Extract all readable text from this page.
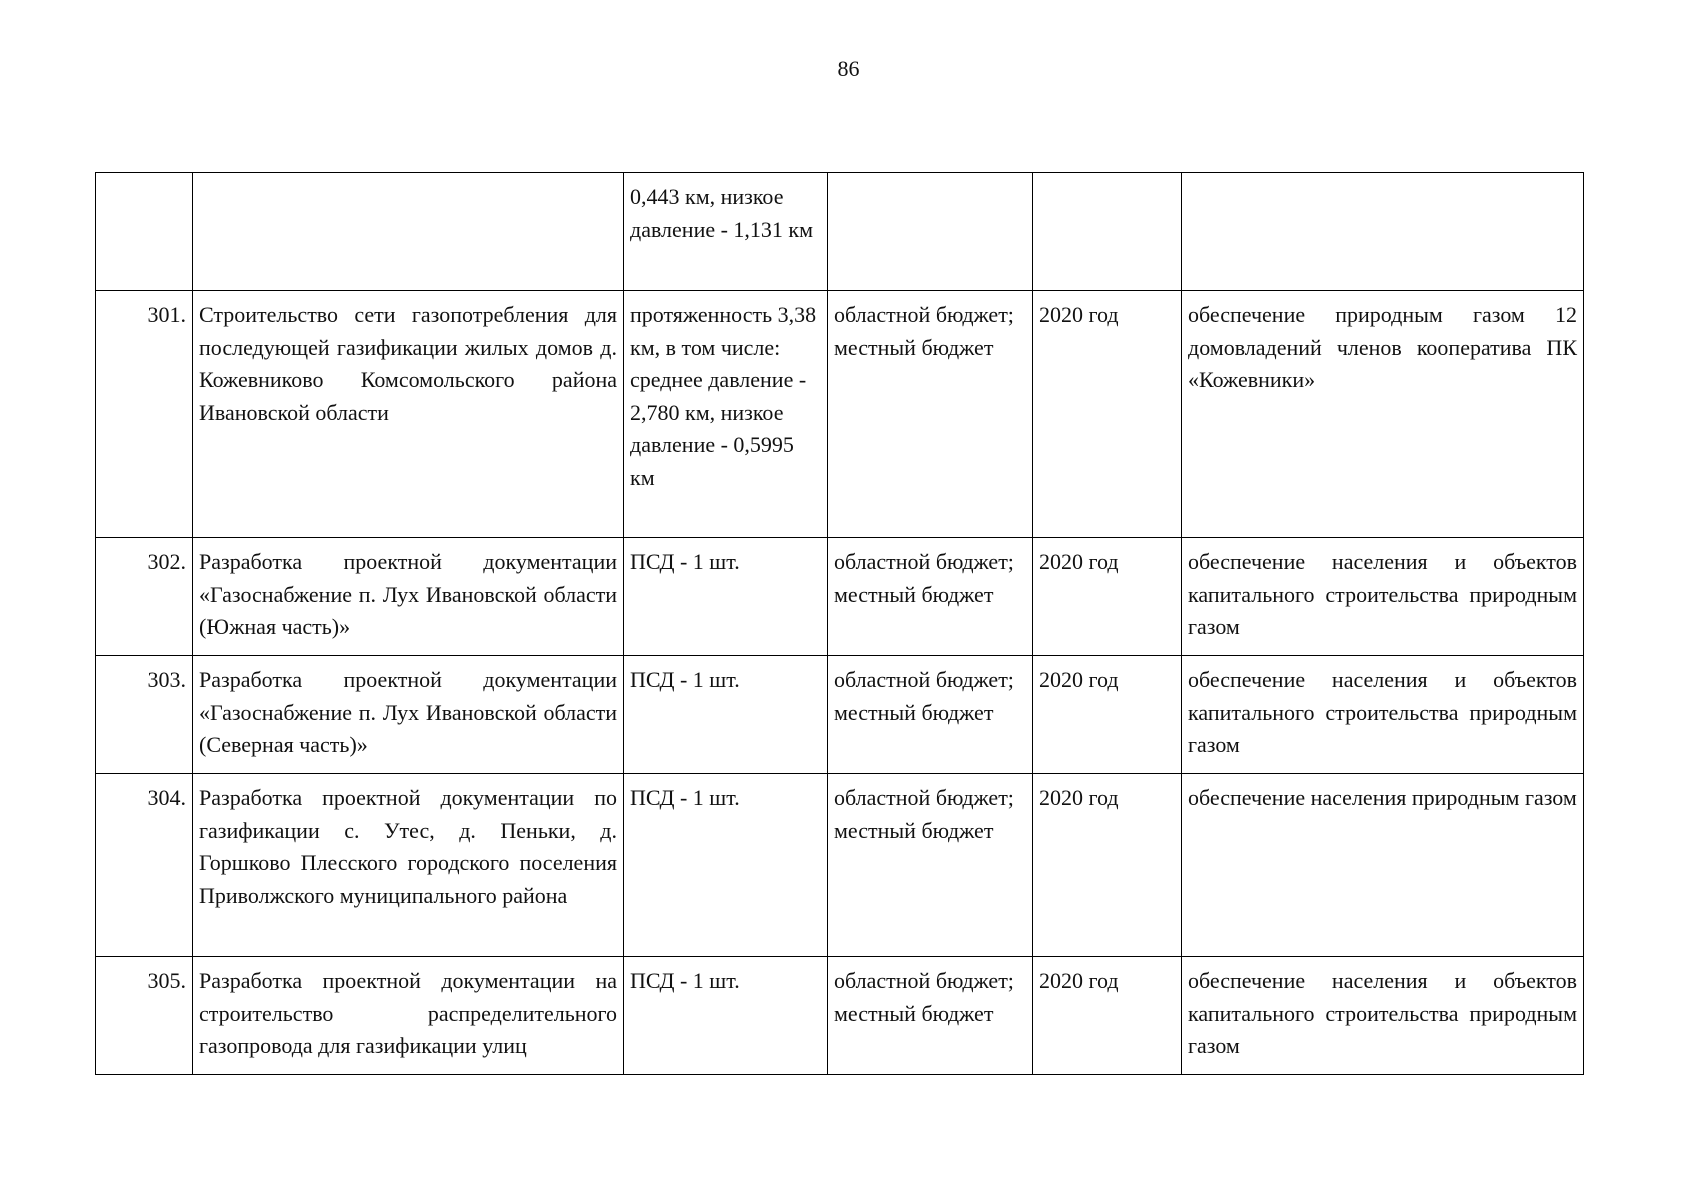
86
		0,443 км, низкое давление - 1,131 км			
301.	Строительство сети газопотребления для последующей газификации жилых домов д. Кожевниково Комсомольского района Ивановской области	протяженность 3,38 км, в том числе: среднее давление - 2,780 км, низкое давление - 0,5995 км	областной бюджет; местный бюджет	2020 год	обеспечение природным газом 12 домовладений членов кооператива ПК «Кожевники»
302.	Разработка проектной документации «Газоснабжение п. Лух Ивановской области (Южная часть)»	ПСД - 1 шт.	областной бюджет; местный бюджет	2020 год	обеспечение населения и объектов капитального строительства природным газом
303.	Разработка проектной документации «Газоснабжение п. Лух Ивановской области (Северная часть)»	ПСД - 1 шт.	областной бюджет; местный бюджет	2020 год	обеспечение населения и объектов капитального строительства природным газом
304.	Разработка проектной документации по газификации с. Утес, д. Пеньки, д. Горшково Плесского городского поселения Приволжского муниципального района	ПСД - 1 шт.	областной бюджет; местный бюджет	2020 год	обеспечение населения природным газом
305.	Разработка проектной документации на строительство распределительного газопровода для газификации улиц	ПСД - 1 шт.	областной бюджет; местный бюджет	2020 год	обеспечение населения и объектов капитального строительства природным газом
